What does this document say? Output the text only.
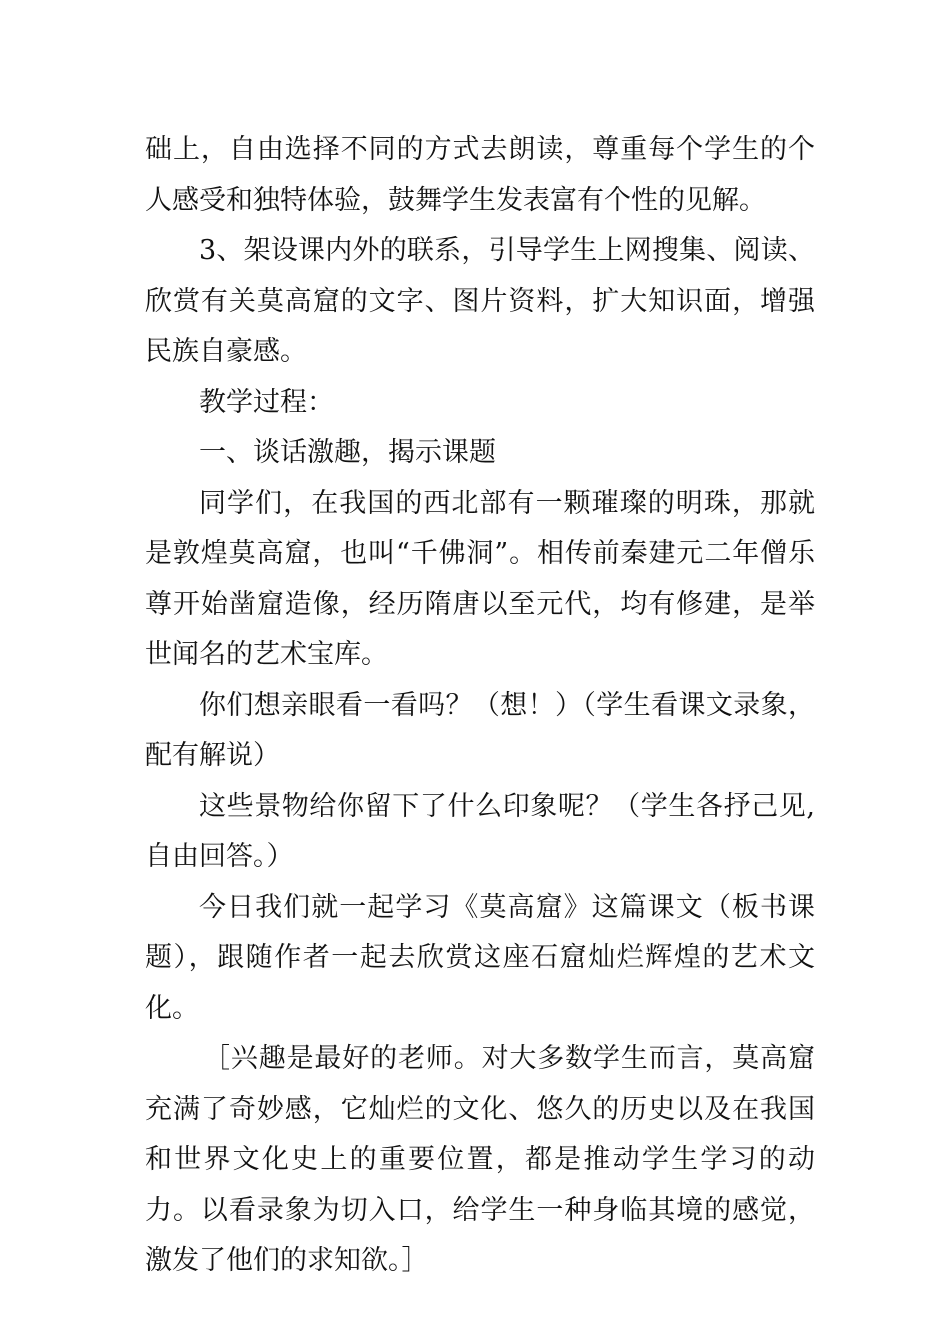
础上，自由选择不同的方式去朗读，尊重每个学生的个人感受和独特体验，鼓舞学生发表富有个性的见解。

3、架设课内外的联系，引导学生上网搜集、阅读、欣赏有关莫高窟的文字、图片资料，扩大知识面，增强民族自豪感。

教学过程：

一、谈话激趣，揭示课题

同学们，在我国的西北部有一颗璀璨的明珠，那就是敦煌莫高窟，也叫“千佛洞”。相传前秦建元二年僧乐尊开始凿窟造像，经历隋唐以至元代，均有修建，是举世闻名的艺术宝库。

你们想亲眼看一看吗？（想！）（学生看课文录象，配有解说）

这些景物给你留下了什么印象呢？（学生各抒己见,自由回答。）

今日我们就一起学习《莫高窟》这篇课文（板书课题），跟随作者一起去欣赏这座石窟灿烂辉煌的艺术文化。

［兴趣是最好的老师。对大多数学生而言，莫高窟充满了奇妙感，它灿烂的文化、悠久的历史以及在我国和世界文化史上的重要位置，都是推动学生学习的动力。以看录象为切入口，给学生一种身临其境的感觉，激发了他们的求知欲。］
